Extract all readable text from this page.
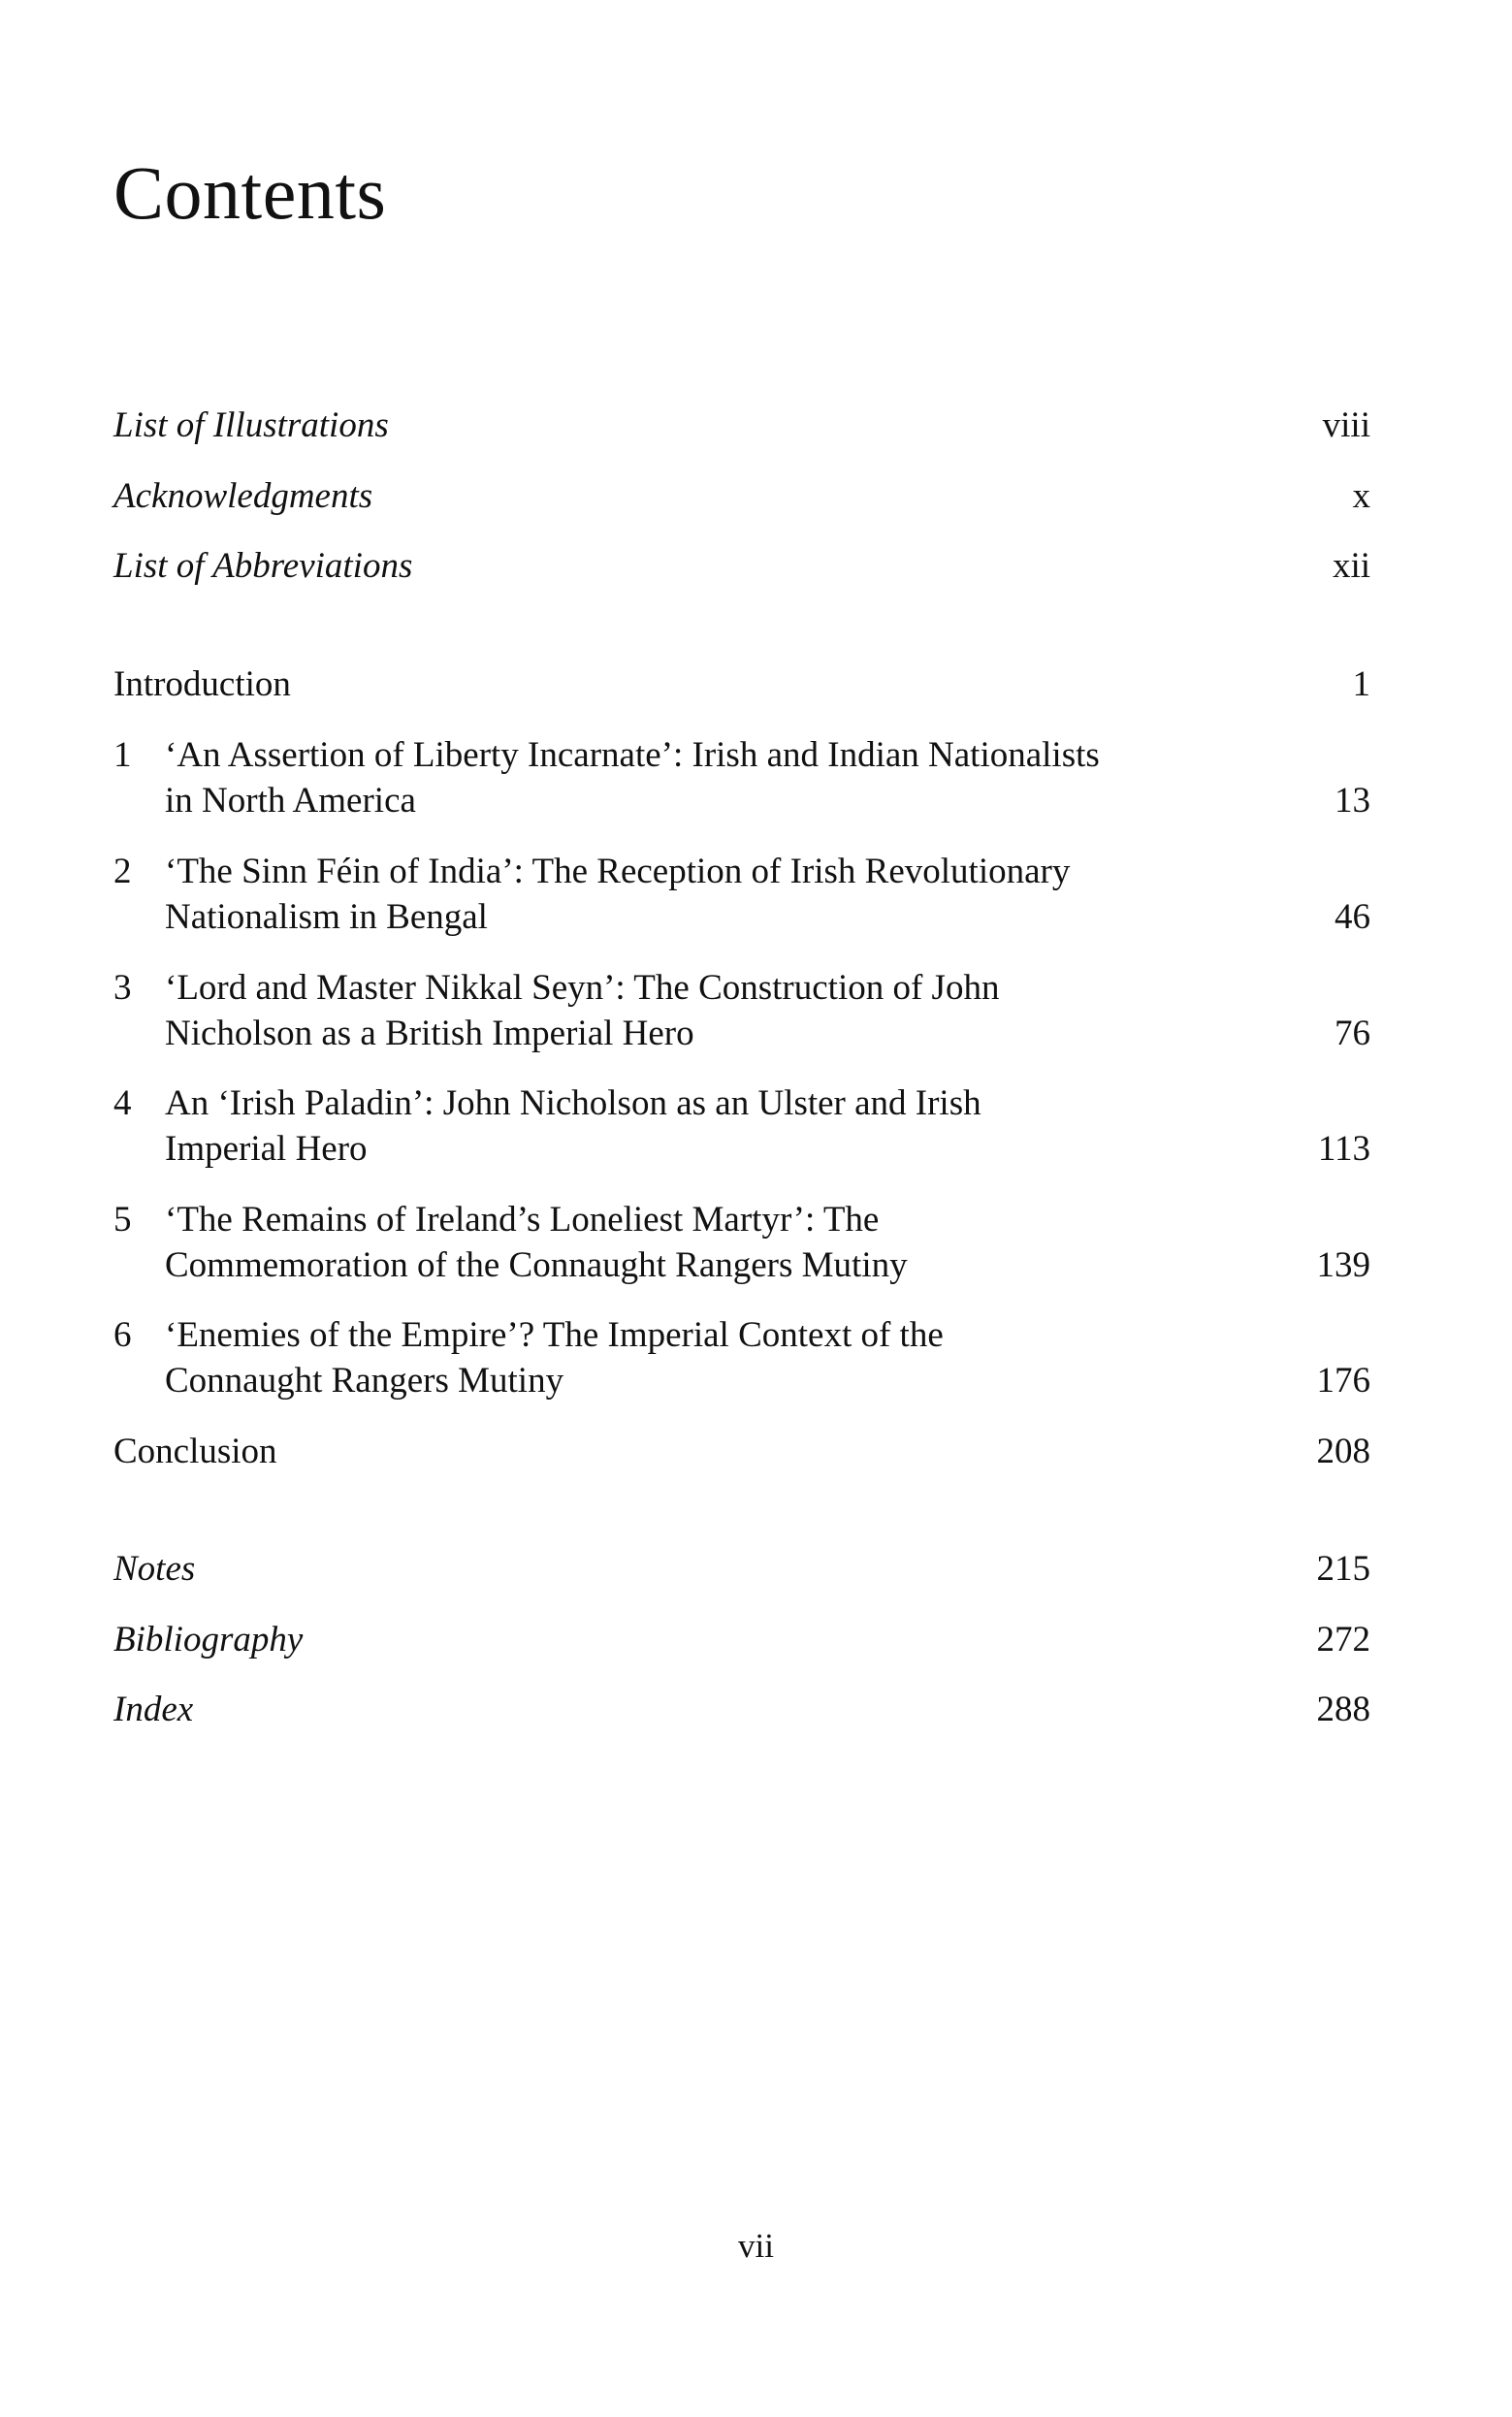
Contents
List of Illustrations	viii
Acknowledgments	x
List of Abbreviations	xii
Introduction	1
1 ‘An Assertion of Liberty Incarnate’: Irish and Indian Nationalists
in North America	13
2 ‘The Sinn Féin of India’: The Reception of Irish Revolutionary
Nationalism in Bengal	46
3 ‘Lord and Master Nikkal Seyn’: The Construction of John
Nicholson as a British Imperial Hero	76
4 An ‘Irish Paladin’: John Nicholson as an Ulster and Irish
Imperial Hero	113
5 ‘The Remains of Ireland’s Loneliest Martyr’: The
Commemoration of the Connaught Rangers Mutiny	139
6 ‘Enemies of the Empire’? The Imperial Context of the
Connaught Rangers Mutiny	176
Conclusion	208
Notes	215
Bibliography	272
Index	288
vii
